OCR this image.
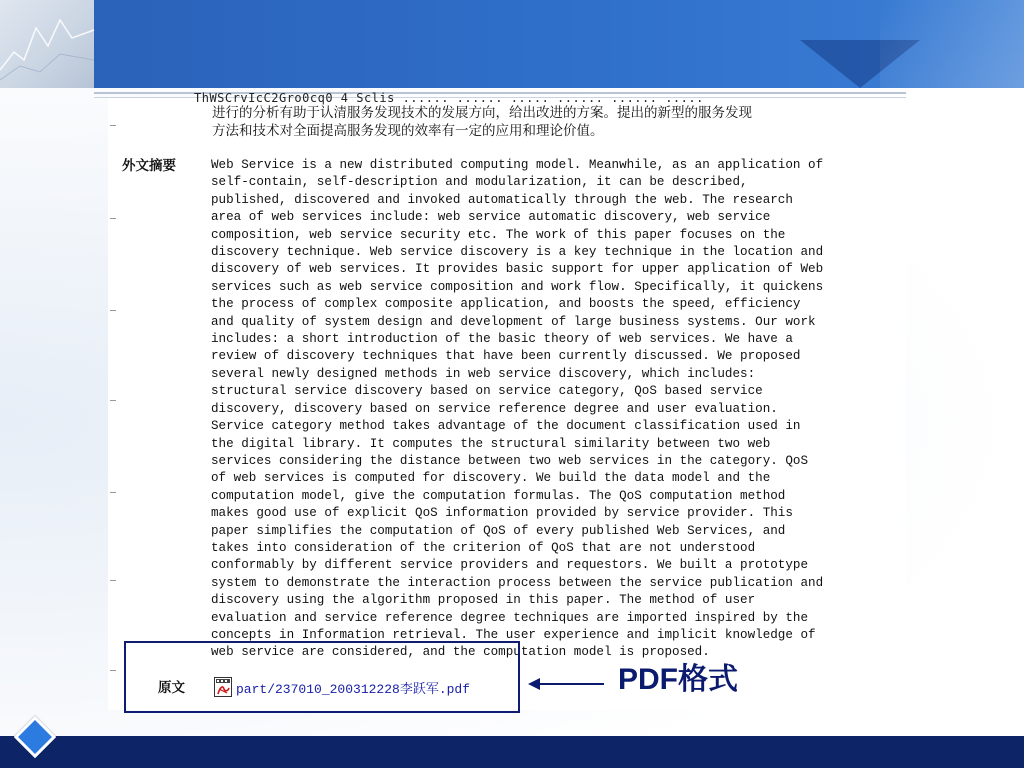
ThWSCrvIcC2Gro0cq0 4 Sclis ...... ...... ..... ...... ...... .....
进行的分析有助于认清服务发现技术的发展方向，给出改进的方案。提出的新型的服务发现
方法和技术对全面提高服务发现的效率有一定的应用和理论价值。
外文摘要	Web Service is a new distributed computing model. Meanwhile, as an application of
self-contain, self-description and modularization, it can be described,
published, discovered and invoked automatically through the web. The research
area of web services include: web service automatic discovery, web service
composition, web service security etc. The work of this paper focuses on the
discovery technique. Web service discovery is a key technique in the location and
discovery of web services. It provides basic support for upper application of Web
services such as web service composition and work flow. Specifically, it quickens
the process of complex composite application, and boosts the speed, efficiency
and quality of system design and development of large business systems. Our work
includes: a short introduction of the basic theory of web services. We have a
review of discovery techniques that have been currently discussed. We proposed
several newly designed methods in web service discovery, which includes:
structural service discovery based on service category, QoS based service
discovery, discovery based on service reference degree and user evaluation.
Service category method takes advantage of the document classification used in
the digital library. It computes the structural similarity between two web
services considering the distance between two web services in the category. QoS
of web services is computed for discovery. We build the data model and the
computation model, give the computation formulas. The QoS computation method
makes good use of explicit QoS information provided by service provider. This
paper simplifies the computation of QoS of every published Web Services, and
takes into consideration of the criterion of QoS that are not understood
conformably by different service providers and requestors. We built a prototype
system to demonstrate the interaction process between the service publication and
discovery using the algorithm proposed in this paper. The method of user
evaluation and service reference degree techniques are imported inspired by the
concepts in Information retrieval. The user experience and implicit knowledge of
web service are considered, and the computation model is proposed.
原文	part/237010_200312228李跃军.pdf	PDF格式
